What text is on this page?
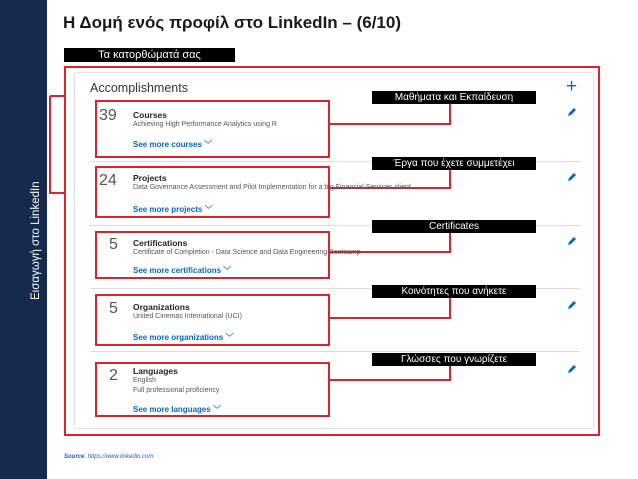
Εισαγωγή στο LinkedIn
Η Δομή ενός προφίλ στο LinkedIn – (6/10)
Τα κατορθώματά σας
Accomplishments	+
39 Courses
Achieving High Performance Analytics using R
See more courses ﹀
24 Projects
Data Governance Assessment and Pilot Implementation for a big Financial Services client
See more projects ﹀
5 Certifications
Certificate of Completion - Data Science and Data Engineering Bootcamp
See more certifications ﹀
5 Organizations
United Cinemas International (UCI)
See more organizations ﹀
2 Languages
English
Full professional proficiency
See more languages ﹀
Μαθήματα και Εκπαίδευση
Έργα που έχετε συμμετέχει
Certificates
Κοινότητες που ανήκετε
Γλώσσες που γνωρίζετε
Source: https://www.linkedin.com
